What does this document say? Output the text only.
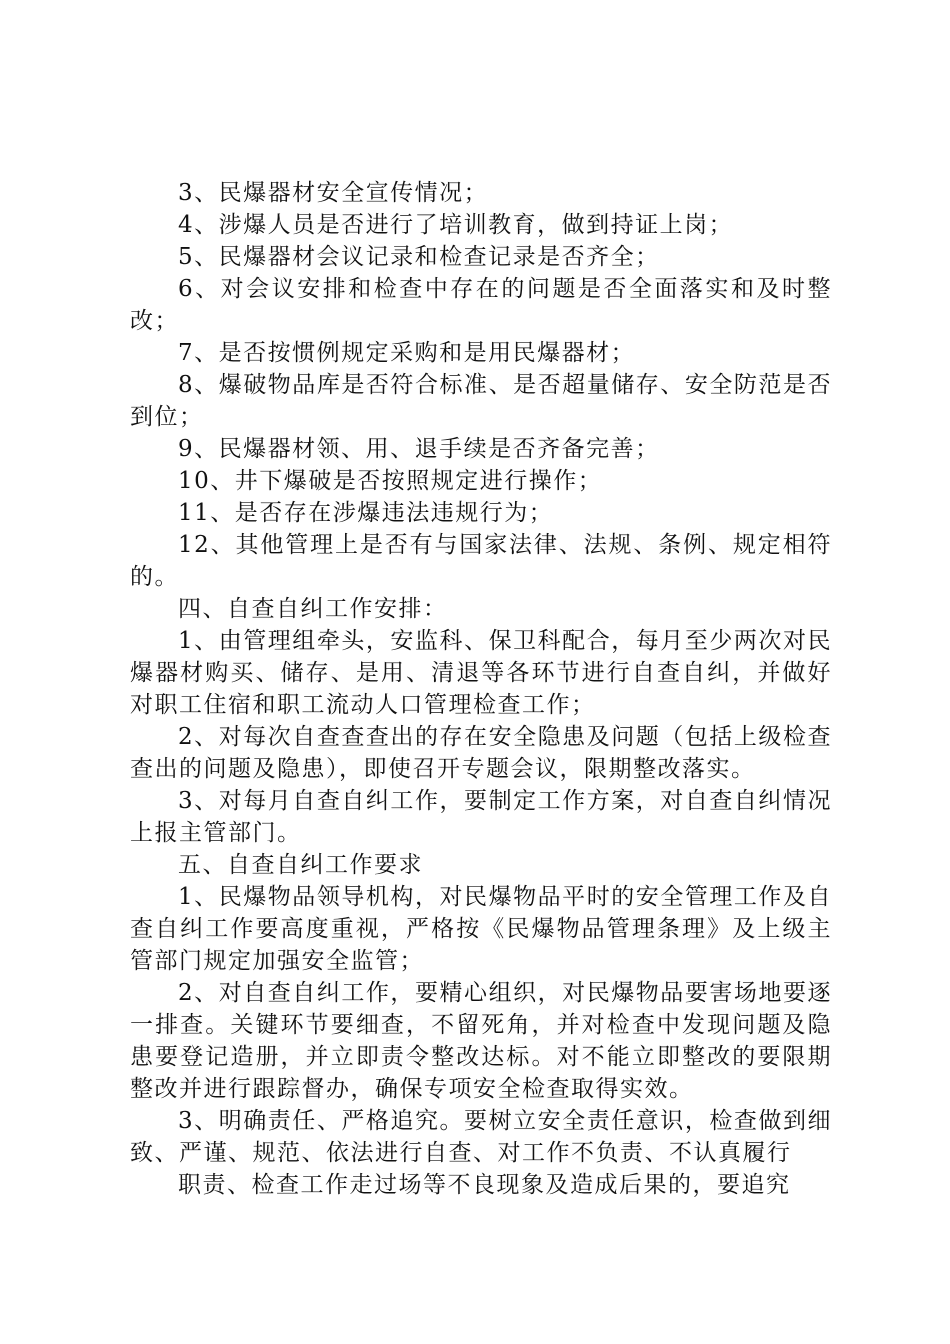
3、民爆器材安全宣传情况；

4、涉爆人员是否进行了培训教育，做到持证上岗；

5、民爆器材会议记录和检查记录是否齐全；

6、对会议安排和检查中存在的问题是否全面落实和及时整改；

7、是否按惯例规定采购和是用民爆器材；

8、爆破物品库是否符合标准、是否超量储存、安全防范是否到位；

9、民爆器材领、用、退手续是否齐备完善；

10、井下爆破是否按照规定进行操作；

11、是否存在涉爆违法违规行为；

12、其他管理上是否有与国家法律、法规、条例、规定相符的。

四、自查自纠工作安排：

1、由管理组牵头，安监科、保卫科配合，每月至少两次对民爆器材购买、储存、是用、清退等各环节进行自查自纠，并做好对职工住宿和职工流动人口管理检查工作；

2、对每次自查查查出的存在安全隐患及问题（包括上级检查查出的问题及隐患），即使召开专题会议，限期整改落实。

3、对每月自查自纠工作，要制定工作方案，对自查自纠情况上报主管部门。

五、自查自纠工作要求

1、民爆物品领导机构，对民爆物品平时的安全管理工作及自查自纠工作要高度重视，严格按《民爆物品管理条理》及上级主管部门规定加强安全监管；

2、对自查自纠工作，要精心组织，对民爆物品要害场地要逐一排查。关键环节要细查，不留死角，并对检查中发现问题及隐患要登记造册，并立即责令整改达标。对不能立即整改的要限期整改并进行跟踪督办，确保专项安全检查取得实效。

3、明确责任、严格追究。要树立安全责任意识，检查做到细致、严谨、规范、依法进行自查、对工作不负责、不认真履行

职责、检查工作走过场等不良现象及造成后果的，要追究
